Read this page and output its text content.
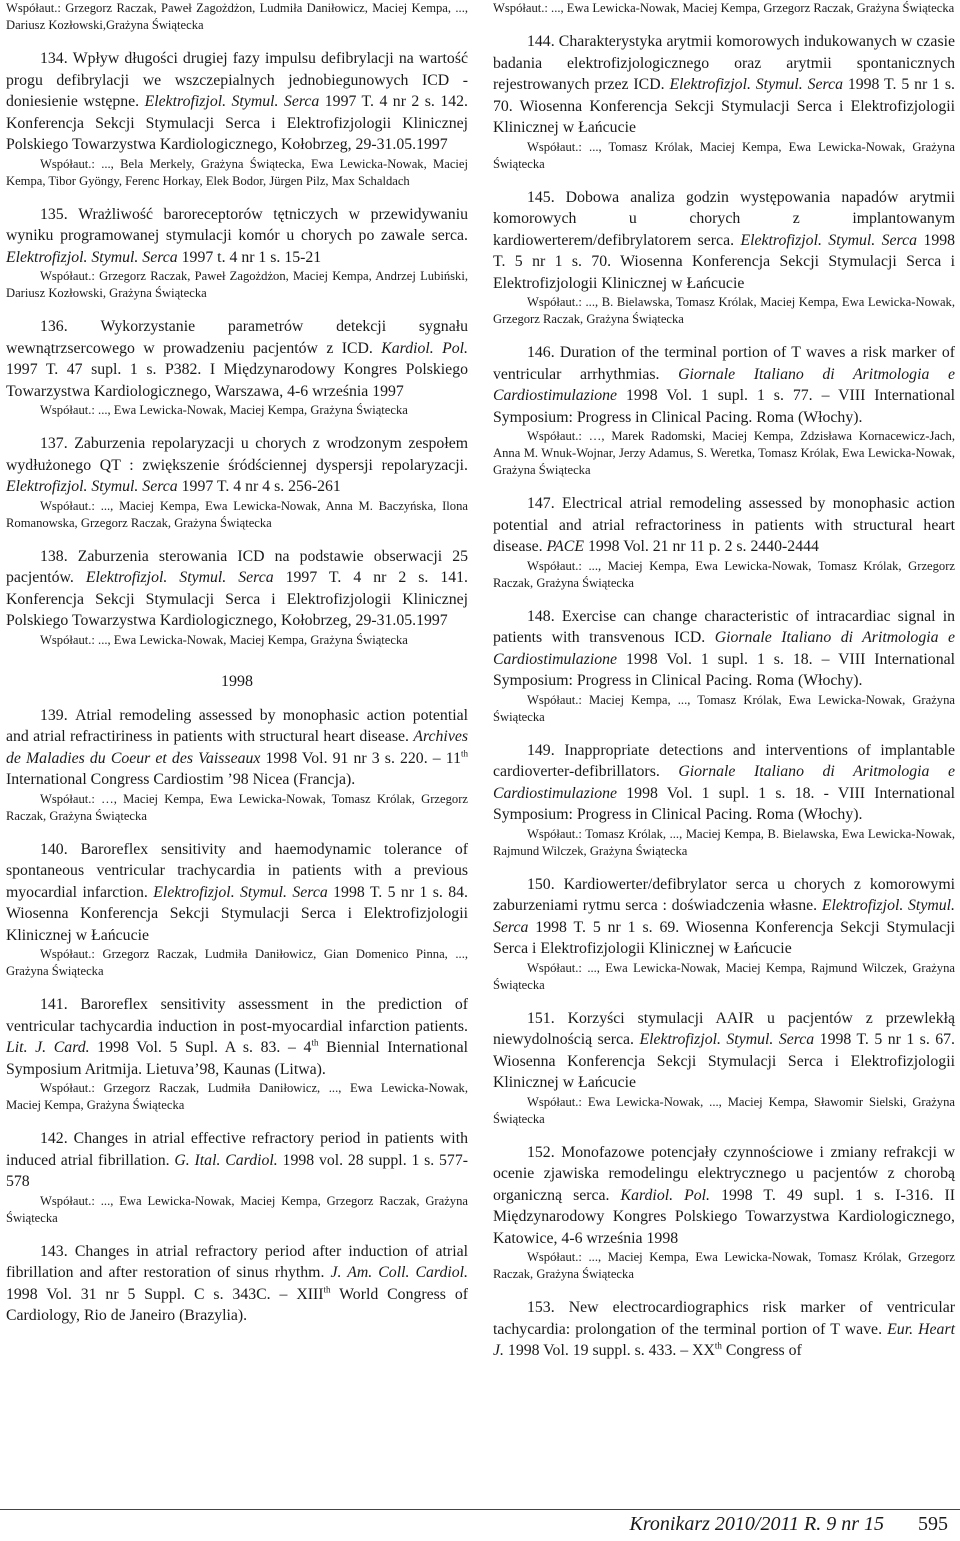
Współaut.: Grzegorz Raczak, Paweł Zagożdżon, Ludmiła Daniłowicz, Maciej Kempa, ..., Dariusz Kozłowski,Grażyna Świątecka

134. Wpływ długości drugiej fazy impulsu defibrylacji na wartość progu defibrylacji we wszczepialnych jednobiegunowych ICD - doniesienie wstępne. Elektrofizjol. Stymul. Serca 1997 T. 4 nr 2 s. 142. Konferencja Sekcji Stymulacji Serca i Elektrofizjologii Klinicznej Polskiego Towarzystwa Kardiologicznego, Kołobrzeg, 29-31.05.1997

Współaut.: ..., Bela Merkely, Grażyna Świątecka, Ewa Lewicka-Nowak, Maciej Kempa, Tibor Gyöngy, Ferenc Horkay, Elek Bodor, Jürgen Pilz, Max Schaldach

135. Wrażliwość baroreceptorów tętniczych w przewidywaniu wyniku programowanej stymulacji komór u chorych po zawale serca. Elektrofizjol. Stymul. Serca 1997 t. 4 nr 1 s. 15-21

Współaut.: Grzegorz Raczak, Paweł Zagożdżon, Maciej Kempa, Andrzej Lubiński, Dariusz Kozłowski, Grażyna Świątecka

136. Wykorzystanie parametrów detekcji sygnału wewnątrzsercowego w prowadzeniu pacjentów z ICD. Kardiol. Pol. 1997 T. 47 supl. 1 s. P382. I Międzynarodowy Kongres Polskiego Towarzystwa Kardiologicznego, Warszawa, 4-6 września 1997

Współaut.: ..., Ewa Lewicka-Nowak, Maciej Kempa, Grażyna Świątecka

137. Zaburzenia repolaryzacji u chorych z wrodzonym zespołem wydłużonego QT : zwiększenie śródściennej dyspersji repolaryzacji. Elektrofizjol. Stymul. Serca 1997 T. 4 nr 4 s. 256-261

Współaut.: ..., Maciej Kempa, Ewa Lewicka-Nowak, Anna M. Baczyńska, Ilona Romanowska, Grzegorz Raczak, Grażyna Świątecka

138. Zaburzenia sterowania ICD na podstawie obserwacji 25 pacjentów. Elektrofizjol. Stymul. Serca 1997 T. 4 nr 2 s. 141. Konferencja Sekcji Stymulacji Serca i Elektrofizjologii Klinicznej Polskiego Towarzystwa Kardiologicznego, Kołobrzeg, 29-31.05.1997

Współaut.: ..., Ewa Lewicka-Nowak, Maciej Kempa, Grażyna Świątecka

1998

139. Atrial remodeling assessed by monophasic action potential and atrial refractiriness in patients with structural heart disease. Archives de Maladies du Coeur et des Vaisseaux 1998 Vol. 91 nr 3 s. 220. – 11th International Congress Cardiostim ’98 Nicea (Francja).

Współaut.: …, Maciej Kempa, Ewa Lewicka-Nowak, Tomasz Królak, Grzegorz Raczak, Grażyna Świątecka

140. Baroreflex sensitivity and haemodynamic tolerance of spontaneous ventricular trachycardia in patients with a previous myocardial infarction. Elektrofizjol. Stymul. Serca 1998 T. 5 nr 1 s. 84. Wiosenna Konferencja Sekcji Stymulacji Serca i Elektrofizjologii Klinicznej w Łańcucie

Współaut.: Grzegorz Raczak, Ludmiła Daniłowicz, Gian Domenico Pinna, ..., Grażyna Świątecka

141. Baroreflex sensitivity assessment in the prediction of ventricular tachycardia induction in post-myocardial infarction patients. Lit. J. Card. 1998 Vol. 5 Supl. A s. 83. – 4th Biennial International Symposium Aritmija. Lietuva’98, Kaunas (Litwa).

Współaut.: Grzegorz Raczak, Ludmiła Daniłowicz, ..., Ewa Lewicka-Nowak, Maciej Kempa, Grażyna Świątecka

142. Changes in atrial effective refractory period in patients with induced atrial fibrillation. G. Ital. Cardiol. 1998 vol. 28 suppl. 1 s. 577-578

Współaut.: ..., Ewa Lewicka-Nowak, Maciej Kempa, Grzegorz Raczak, Grażyna Świątecka

143. Changes in atrial refractory period after induction of atrial fibrillation and after restoration of sinus rhythm. J. Am. Coll. Cardiol. 1998 Vol. 31 nr 5 Suppl. C s. 343C. – XIIIth World Congress of Cardiology, Rio de Janeiro (Brazylia).

Współaut.: ..., Ewa Lewicka-Nowak, Maciej Kempa, Grzegorz Raczak, Grażyna Świątecka

144. Charakterystyka arytmii komorowych indukowanych w czasie badania elektrofizjologicznego oraz arytmii spontanicznych rejestrowanych przez ICD. Elektrofizjol. Stymul. Serca 1998 T. 5 nr 1 s. 70. Wiosenna Konferencja Sekcji Stymulacji Serca i Elektrofizjologii Klinicznej w Łańcucie

Współaut.: ..., Tomasz Królak, Maciej Kempa, Ewa Lewicka-Nowak, Grażyna Świątecka

145. Dobowa analiza godzin występowania napadów arytmii komorowych u chorych z implantowanym kardiowerterem/defibrylatorem serca. Elektrofizjol. Stymul. Serca 1998 T. 5 nr 1 s. 70. Wiosenna Konferencja Sekcji Stymulacji Serca i Elektrofizjologii Klinicznej w Łańcucie

Współaut.: ..., B. Bielawska, Tomasz Królak, Maciej Kempa, Ewa Lewicka-Nowak, Grzegorz Raczak, Grażyna Świątecka

146. Duration of the terminal portion of T waves a risk marker of ventricular arrhythmias. Giornale Italiano di Aritmologia e Cardiostimulazione 1998 Vol. 1 supl. 1 s. 77. – VIII International Symposium: Progress in Clinical Pacing. Roma (Włochy).

Współaut.: …, Marek Radomski, Maciej Kempa, Zdzisława Kornacewicz-Jach, Anna M. Wnuk-Wojnar, Jerzy Adamus, S. Weretka, Tomasz Królak, Ewa Lewicka-Nowak, Grażyna Świątecka

147. Electrical atrial remodeling assessed by monophasic action potential and atrial refractoriness in patients with structural heart disease. PACE 1998 Vol. 21 nr 11 p. 2 s. 2440-2444

Współaut.: ..., Maciej Kempa, Ewa Lewicka-Nowak, Tomasz Królak, Grzegorz Raczak, Grażyna Świątecka

148. Exercise can change characteristic of intracardiac signal in patients with transvenous ICD. Giornale Italiano di Aritmologia e Cardiostimulazione 1998 Vol. 1 supl. 1 s. 18. – VIII International Symposium: Progress in Clinical Pacing. Roma (Włochy).

Współaut.: Maciej Kempa, ..., Tomasz Królak, Ewa Lewicka-Nowak, Grażyna Świątecka

149. Inappropriate detections and interventions of implantable cardioverter-defibrillators. Giornale Italiano di Aritmologia e Cardiostimulazione 1998 Vol. 1 supl. 1 s. 18. - VIII International Symposium: Progress in Clinical Pacing. Roma (Włochy).

Współaut.: Tomasz Królak, ..., Maciej Kempa, B. Bielawska, Ewa Lewicka-Nowak, Rajmund Wilczek, Grażyna Świątecka

150. Kardiowerter/defibrylator serca u chorych z komorowymi zaburzeniami rytmu serca : doświadczenia własne. Elektrofizjol. Stymul. Serca 1998 T. 5 nr 1 s. 69. Wiosenna Konferencja Sekcji Stymulacji Serca i Elektrofizjologii Klinicznej w Łańcucie

Współaut.: ..., Ewa Lewicka-Nowak, Maciej Kempa, Rajmund Wilczek, Grażyna Świątecka

151. Korzyści stymulacji AAIR u pacjentów z przewlekłą niewydolnością serca. Elektrofizjol. Stymul. Serca 1998 T. 5 nr 1 s. 67. Wiosenna Konferencja Sekcji Stymulacji Serca i Elektrofizjologii Klinicznej w Łańcucie

Współaut.: Ewa Lewicka-Nowak, ..., Maciej Kempa, Sławomir Sielski, Grażyna Świątecka

152. Monofazowe potencjały czynnościowe i zmiany refrakcji w ocenie zjawiska remodelingu elektrycznego u pacjentów z chorobą organiczną serca. Kardiol. Pol. 1998 T. 49 supl. 1 s. I-316. II Międzynarodowy Kongres Polskiego Towarzystwa Kardiologicznego, Katowice, 4-6 września 1998

Współaut.: ..., Maciej Kempa, Ewa Lewicka-Nowak, Tomasz Królak, Grzegorz Raczak, Grażyna Świątecka

153. New electrocardiographics risk marker of ventricular tachycardia: prolongation of the terminal portion of T wave. Eur. Heart J. 1998 Vol. 19 suppl. s. 433. – XXth Congress of

Kronikarz 2010/2011 R. 9 nr 15 595
